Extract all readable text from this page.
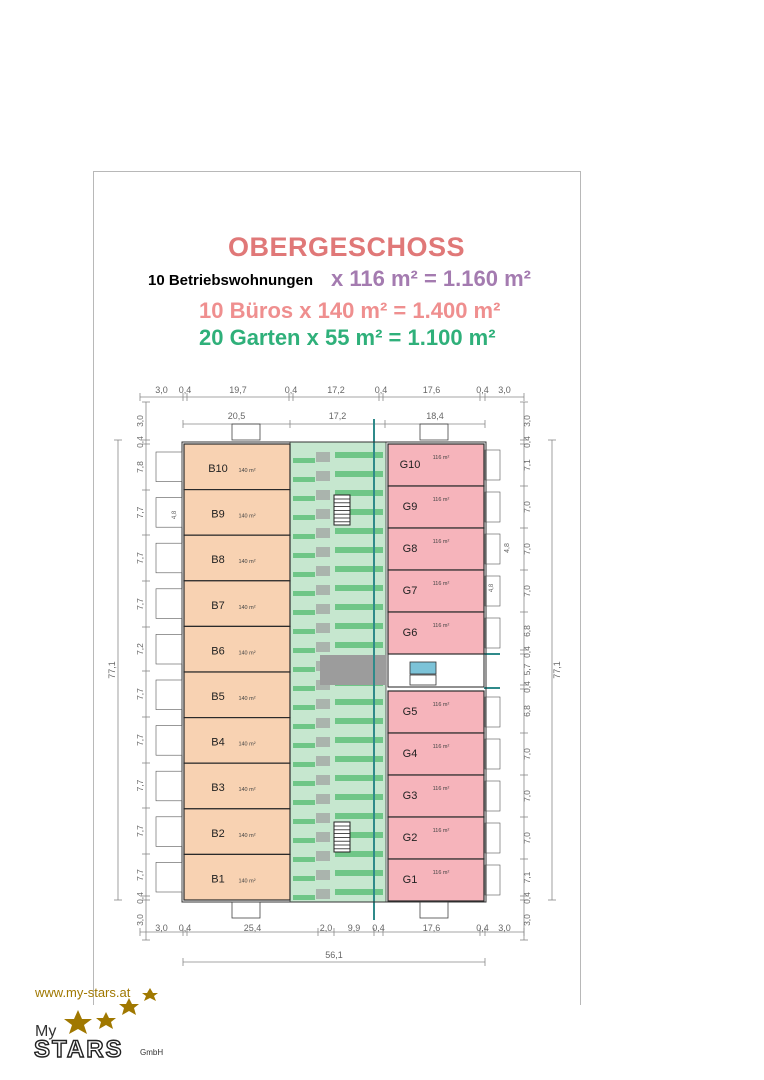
OBERGESCHOSS
10 Betriebswohnungen x 116 m² = 1.160 m²
10 Büros x 140 m² = 1.400 m²
20 Garten x 55 m² = 1.100 m²
3,0 0,4	19,7	0,4	17,2	0,4	17,6	0,4 3,0
20,5	17,2	18,4
3,0 0,4	25,4	2,0 9,9 0,4	17,6	0,4 3,0
56,1
3,0
0,4
7,8
7,7
7,7
7,7
7,2
7,7
7,7
7,7
7,7
7,7
0,4
3,0
77,1
3,0
0,4
7,1
7,0
7,0
7,0
6,8
0,4
5,7
0,4
6,8
7,0
7,0
7,0
7,1
0,4
3,0
77,1
4,8
4,8
4,8
B10 140 m²
B9 140 m²
B8 140 m²
B7 140 m²
B6 140 m²
B5 140 m²
B4 140 m²
B3 140 m²
B2 140 m²
B1 140 m²
G10
116 m²
G9
116 m²
G8
116 m²
G7
116 m²
G6
116 m²
G5
116 m²
G4
116 m²
G3
116 m²
G2
116 m²
G1
116 m²
www.my-stars.at
My
STARS GmbH
